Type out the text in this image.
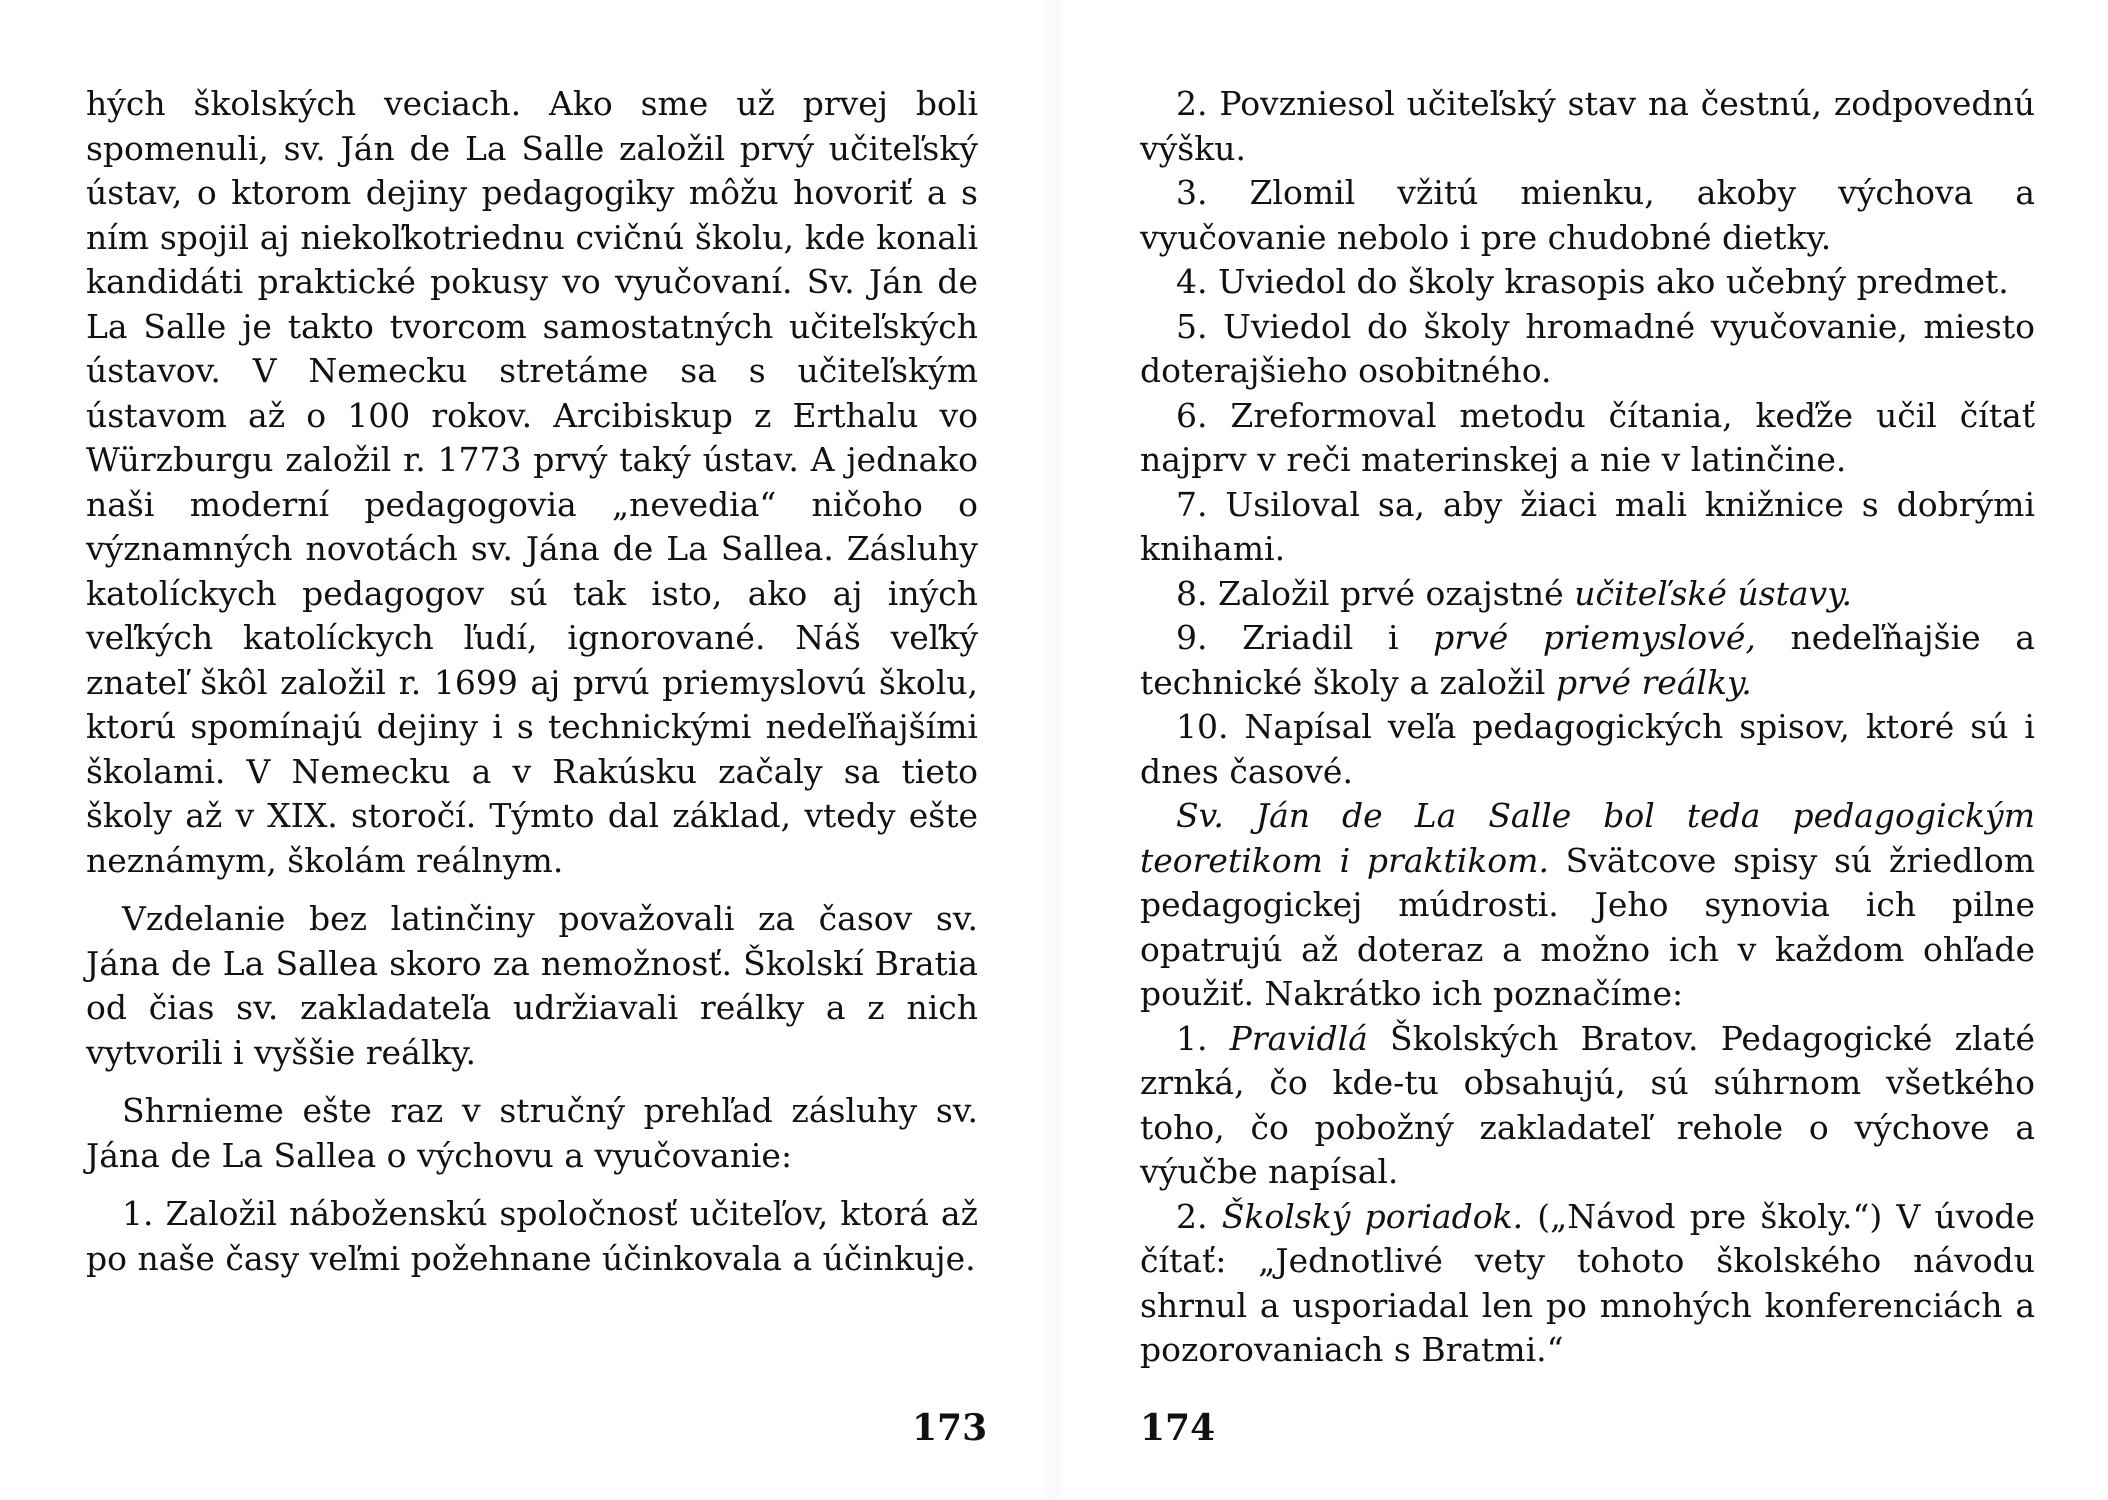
hých školských veciach. Ako sme už prvej boli spomenuli, sv. Ján de La Salle založil prvý učiteľský ústav, o ktorom dejiny pedagogiky môžu hovoriť a s ním spojil aj niekoľkotriednu cvičnú školu, kde konali kandidáti praktické pokusy vo vyučovaní. Sv. Ján de La Salle je takto tvorcom samostatných učiteľských ústavov. V Nemecku stretáme sa s učiteľským ústavom až o 100 rokov. Arcibiskup z Erthalu vo Würzburgu založil r. 1773 prvý taký ústav. A jednako naši moderní pedagogovia „nevedia“ ničoho o významných novotách sv. Jána de La Sallea. Zásluhy katolíckych pedagogov sú tak isto, ako aj iných veľkých katolíckych ľudí, ignorované. Náš veľký znateľ škôl založil r. 1699 aj prvú priemyslovú školu, ktorú spomínajú dejiny i s technickými nedeľňajšími školami. V Nemecku a v Rakúsku začaly sa tieto školy až v XIX. storočí. Týmto dal základ, vtedy ešte neznámym, školám reálnym.

Vzdelanie bez latinčiny považovali za časov sv. Jána de La Sallea skoro za nemožnosť. Školskí Bratia od čias sv. zakladateľa udržiavali reálky a z nich vytvorili i vyššie reálky.

Shrnieme ešte raz v stručný prehľad zásluhy sv. Jána de La Sallea o výchovu a vyučovanie:

1. Založil náboženskú spoločnosť učiteľov, ktorá až po naše časy veľmi požehnane účinkovala a účinkuje.

173

2. Povzniesol učiteľský stav na čestnú, zodpovednú výšku.

3. Zlomil vžitú mienku, akoby výchova a vyučovanie nebolo i pre chudobné dietky.

4. Uviedol do školy krasopis ako učebný predmet.

5. Uviedol do školy hromadné vyučovanie, miesto doterajšieho osobitného.

6. Zreformoval metodu čítania, keďže učil čítať najprv v reči materinskej a nie v latinčine.

7. Usiloval sa, aby žiaci mali knižnice s dobrými knihami.

8. Založil prvé ozajstné učiteľské ústavy.

9. Zriadil i prvé priemyslové, nedeľňajšie a technické školy a založil prvé reálky.

10. Napísal veľa pedagogických spisov, ktoré sú i dnes časové.

Sv. Ján de La Salle bol teda pedagogickým teoretikom i praktikom. Svätcove spisy sú žriedlom pedagogickej múdrosti. Jeho synovia ich pilne opatrujú až doteraz a možno ich v každom ohľade použiť. Nakrátko ich poznačíme:

1. Pravidlá Školských Bratov. Pedagogické zlaté zrnká, čo kde-tu obsahujú, sú súhrnom všetkého toho, čo pobožný zakladateľ rehole o výchove a výučbe napísal.

2. Školský poriadok. („Návod pre školy.“) V úvode čítať: „Jednotlivé vety tohoto školského návodu shrnul a usporiadal len po mnohých konferenciách a pozorovaniach s Bratmi.“

174
